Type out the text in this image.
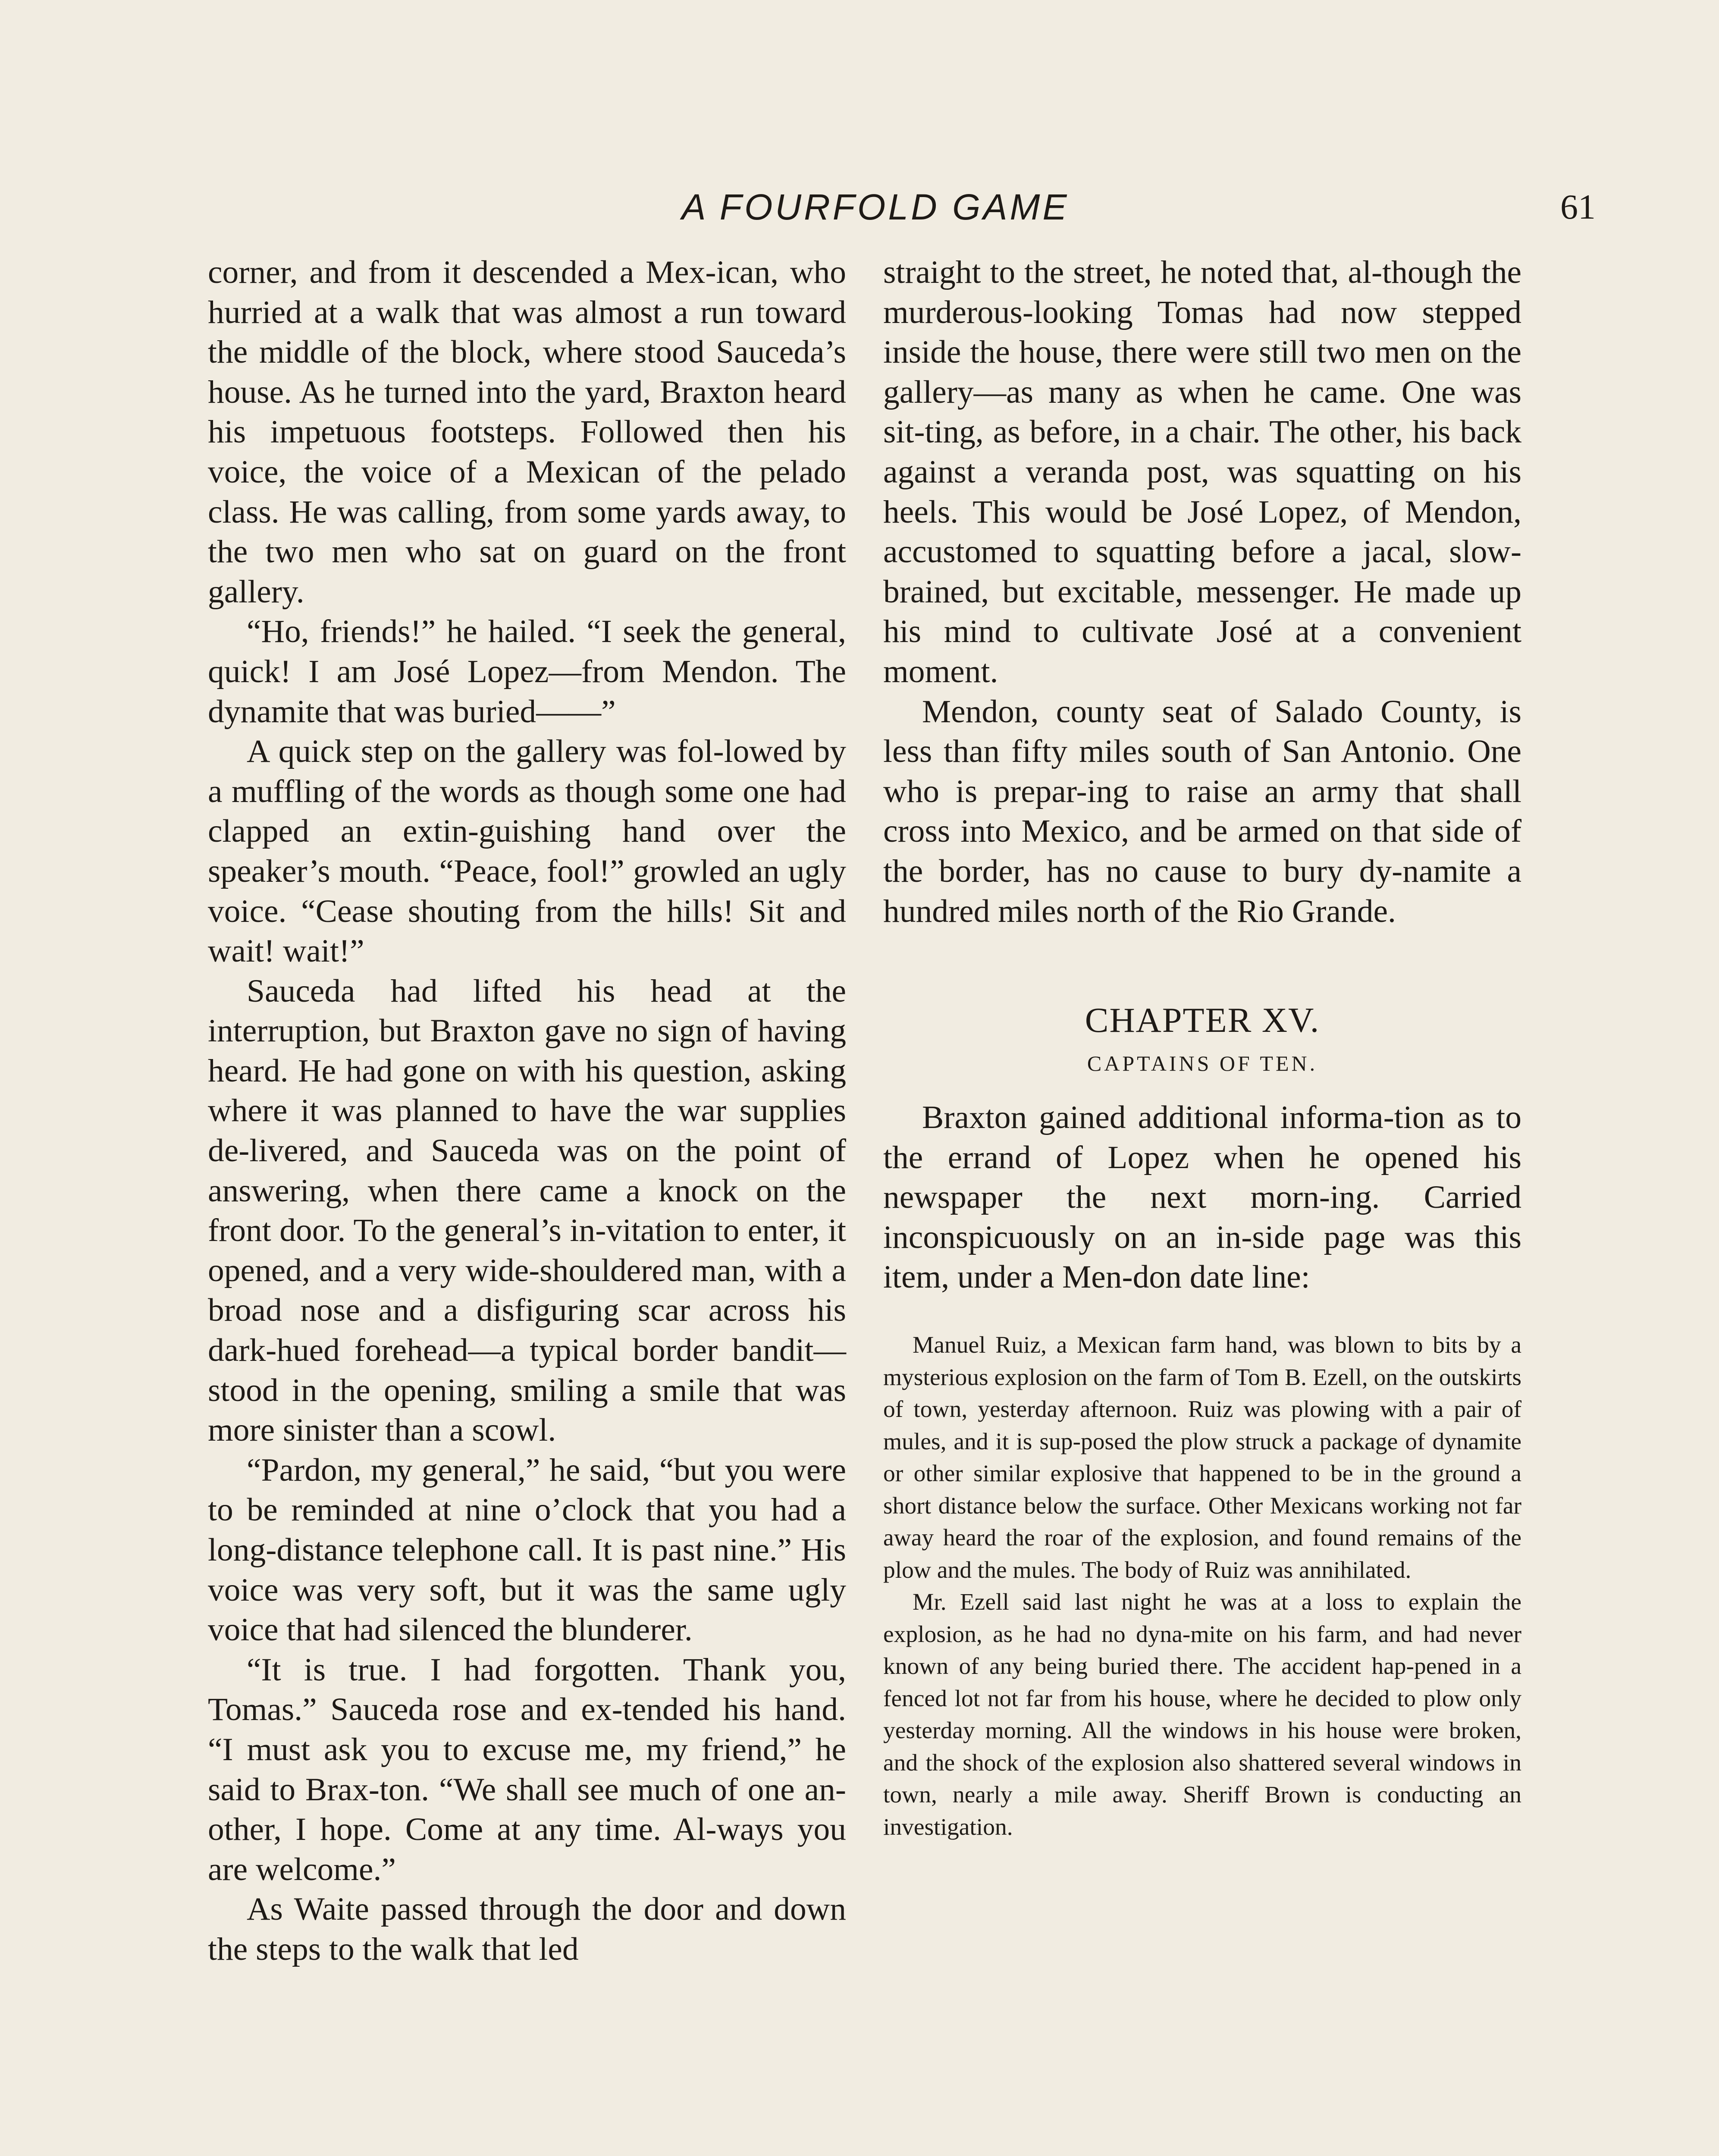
A FOURFOLD GAME	61

corner, and from it descended a Mex-ican, who hurried at a walk that was almost a run toward the middle of the block, where stood Sauceda’s house. As he turned into the yard, Braxton heard his impetuous footsteps. Followed then his voice, the voice of a Mexican of the pelado class. He was calling, from some yards away, to the two men who sat on guard on the front gallery.

“Ho, friends!” he hailed. “I seek the general, quick! I am José Lopez—from Mendon. The dynamite that was buried——”

A quick step on the gallery was fol-lowed by a muffling of the words as though some one had clapped an extin-guishing hand over the speaker’s mouth. “Peace, fool!” growled an ugly voice. “Cease shouting from the hills! Sit and wait! wait!”

Sauceda had lifted his head at the interruption, but Braxton gave no sign of having heard. He had gone on with his question, asking where it was planned to have the war supplies de-livered, and Sauceda was on the point of answering, when there came a knock on the front door. To the general’s in-vitation to enter, it opened, and a very wide-shouldered man, with a broad nose and a disfiguring scar across his dark-hued forehead—a typical border bandit—stood in the opening, smiling a smile that was more sinister than a scowl.

“Pardon, my general,” he said, “but you were to be reminded at nine o’clock that you had a long-distance telephone call. It is past nine.” His voice was very soft, but it was the same ugly voice that had silenced the blunderer.

“It is true. I had forgotten. Thank you, Tomas.” Sauceda rose and ex-tended his hand. “I must ask you to excuse me, my friend,” he said to Brax-ton. “We shall see much of one an-other, I hope. Come at any time. Al-ways you are welcome.”

As Waite passed through the door and down the steps to the walk that led

straight to the street, he noted that, al-though the murderous-looking Tomas had now stepped inside the house, there were still two men on the gallery—as many as when he came. One was sit-ting, as before, in a chair. The other, his back against a veranda post, was squatting on his heels. This would be José Lopez, of Mendon, accustomed to squatting before a jacal, slow-brained, but excitable, messenger. He made up his mind to cultivate José at a convenient moment.

Mendon, county seat of Salado County, is less than fifty miles south of San Antonio. One who is prepar-ing to raise an army that shall cross into Mexico, and be armed on that side of the border, has no cause to bury dy-namite a hundred miles north of the Rio Grande.

CHAPTER XV.
CAPTAINS OF TEN.

Braxton gained additional informa-tion as to the errand of Lopez when he opened his newspaper the next morn-ing. Carried inconspicuously on an in-side page was this item, under a Men-don date line:

Manuel Ruiz, a Mexican farm hand, was blown to bits by a mysterious explosion on the farm of Tom B. Ezell, on the outskirts of town, yesterday afternoon. Ruiz was plowing with a pair of mules, and it is sup-posed the plow struck a package of dynamite or other similar explosive that happened to be in the ground a short distance below the surface. Other Mexicans working not far away heard the roar of the explosion, and found remains of the plow and the mules. The body of Ruiz was annihilated.

Mr. Ezell said last night he was at a loss to explain the explosion, as he had no dyna-mite on his farm, and had never known of any being buried there. The accident hap-pened in a fenced lot not far from his house, where he decided to plow only yesterday morning. All the windows in his house were broken, and the shock of the explosion also shattered several windows in town, nearly a mile away. Sheriff Brown is conducting an investigation.
